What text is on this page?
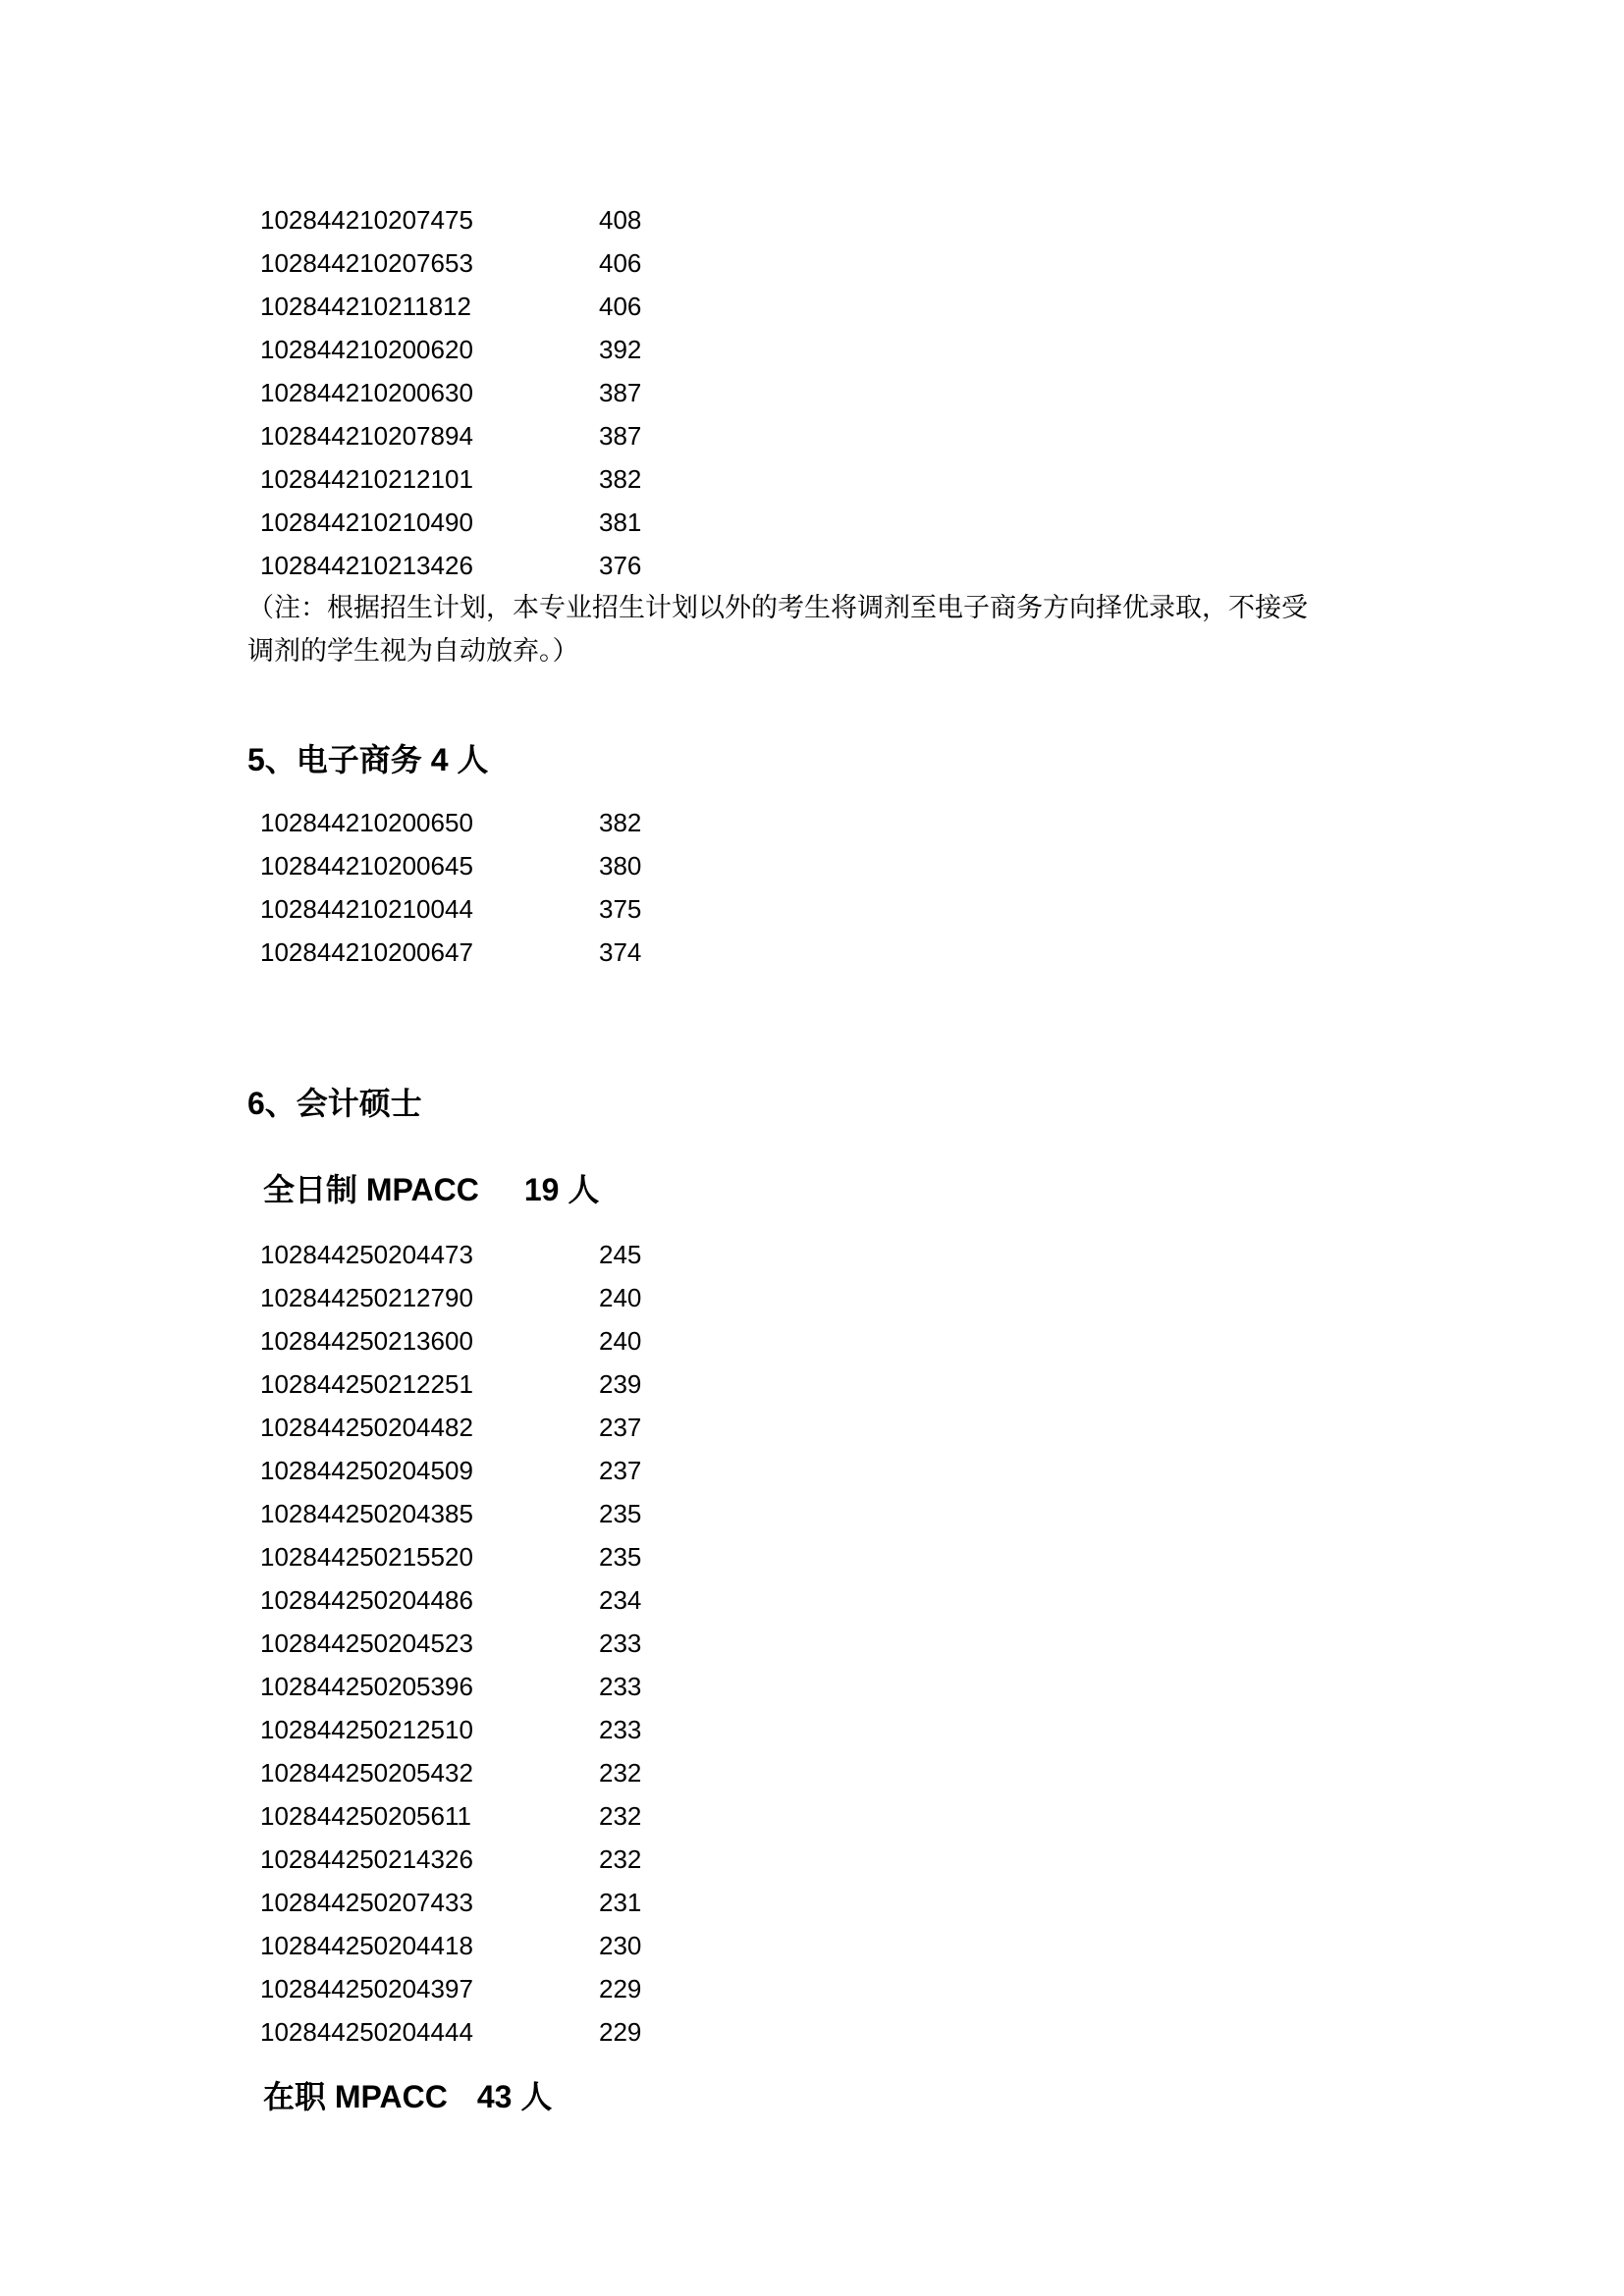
102844210207475	408
102844210207653	406
102844210211812	406
102844210200620	392
102844210200630	387
102844210207894	387
102844210212101	382
102844210210490	381
102844210213426	376
（注：根据招生计划，本专业招生计划以外的考生将调剂至电子商务方向择优录取，不接受
调剂的学生视为自动放弃。）
5、电子商务 4 人
102844210200650	382
102844210200645	380
102844210210044	375
102844210200647	374
6、会计硕士
全日制 MPACC 19 人
102844250204473	245
102844250212790	240
102844250213600	240
102844250212251	239
102844250204482	237
102844250204509	237
102844250204385	235
102844250215520	235
102844250204486	234
102844250204523	233
102844250205396	233
102844250212510	233
102844250205432	232
102844250205611	232
102844250214326	232
102844250207433	231
102844250204418	230
102844250204397	229
102844250204444	229
在职 MPACC 43 人
